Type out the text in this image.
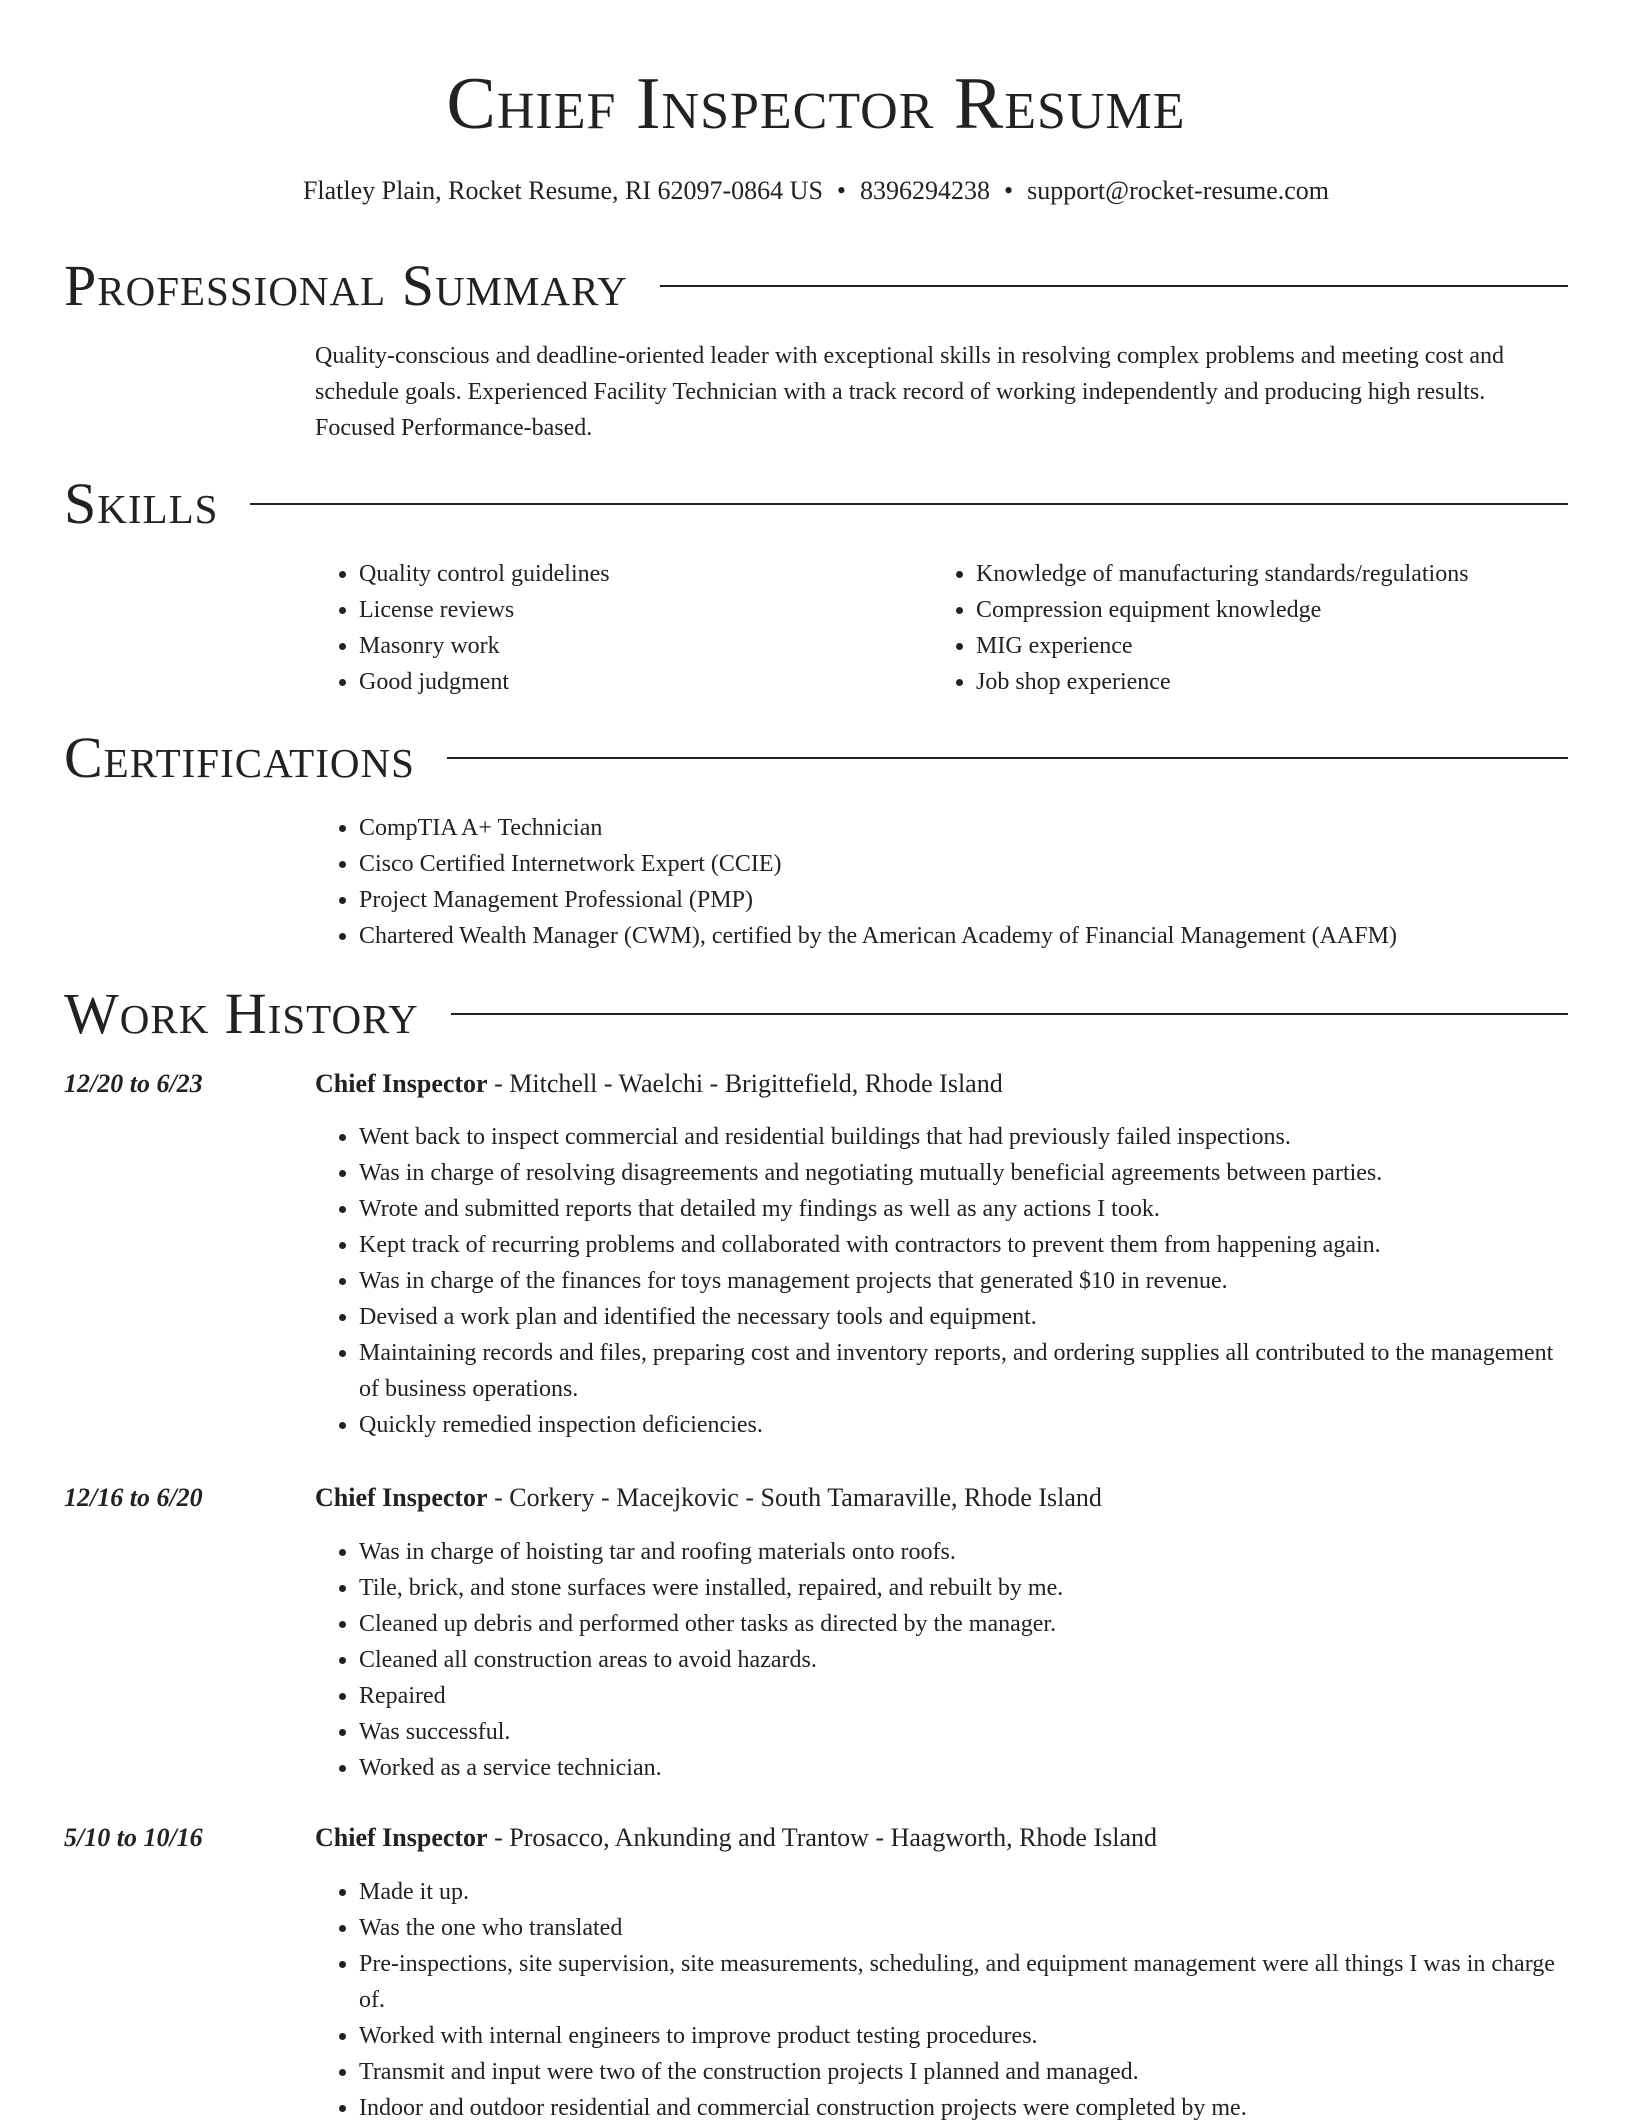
Chief Inspector Resume
Flatley Plain, Rocket Resume, RI 62097-0864 US • 8396294238 • support@rocket-resume.com
Professional Summary

Quality-conscious and deadline-oriented leader with exceptional skills in resolving complex problems and meeting cost and schedule goals. Experienced Facility Technician with a track record of working independently and producing high results. Focused Performance-based.

Skills
• Quality control guidelines
• License reviews
• Masonry work
• Good judgment
• Knowledge of manufacturing standards/regulations
• Compression equipment knowledge
• MIG experience
• Job shop experience
Certifications
• CompTIA A+ Technician
• Cisco Certified Internetwork Expert (CCIE)
• Project Management Professional (PMP)
• Chartered Wealth Manager (CWM), certified by the American Academy of Financial Management (AAFM)
Work History
12/20 to 6/23	Chief Inspector - Mitchell - Waelchi - Brigittefield, Rhode Island
• Went back to inspect commercial and residential buildings that had previously failed inspections.
• Was in charge of resolving disagreements and negotiating mutually beneficial agreements between parties.
• Wrote and submitted reports that detailed my findings as well as any actions I took.
• Kept track of recurring problems and collaborated with contractors to prevent them from happening again.
• Was in charge of the finances for toys management projects that generated $10 in revenue.
• Devised a work plan and identified the necessary tools and equipment.
• Maintaining records and files, preparing cost and inventory reports, and ordering supplies all contributed to the management of business operations.
• Quickly remedied inspection deficiencies.
12/16 to 6/20	Chief Inspector - Corkery - Macejkovic - South Tamaraville, Rhode Island
• Was in charge of hoisting tar and roofing materials onto roofs.
• Tile, brick, and stone surfaces were installed, repaired, and rebuilt by me.
• Cleaned up debris and performed other tasks as directed by the manager.
• Cleaned all construction areas to avoid hazards.
• Repaired
• Was successful.
• Worked as a service technician.
5/10 to 10/16	Chief Inspector - Prosacco, Ankunding and Trantow - Haagworth, Rhode Island
• Made it up.
• Was the one who translated
• Pre-inspections, site supervision, site measurements, scheduling, and equipment management were all things I was in charge of.
• Worked with internal engineers to improve product testing procedures.
• Transmit and input were two of the construction projects I planned and managed.
• Indoor and outdoor residential and commercial construction projects were completed by me.
